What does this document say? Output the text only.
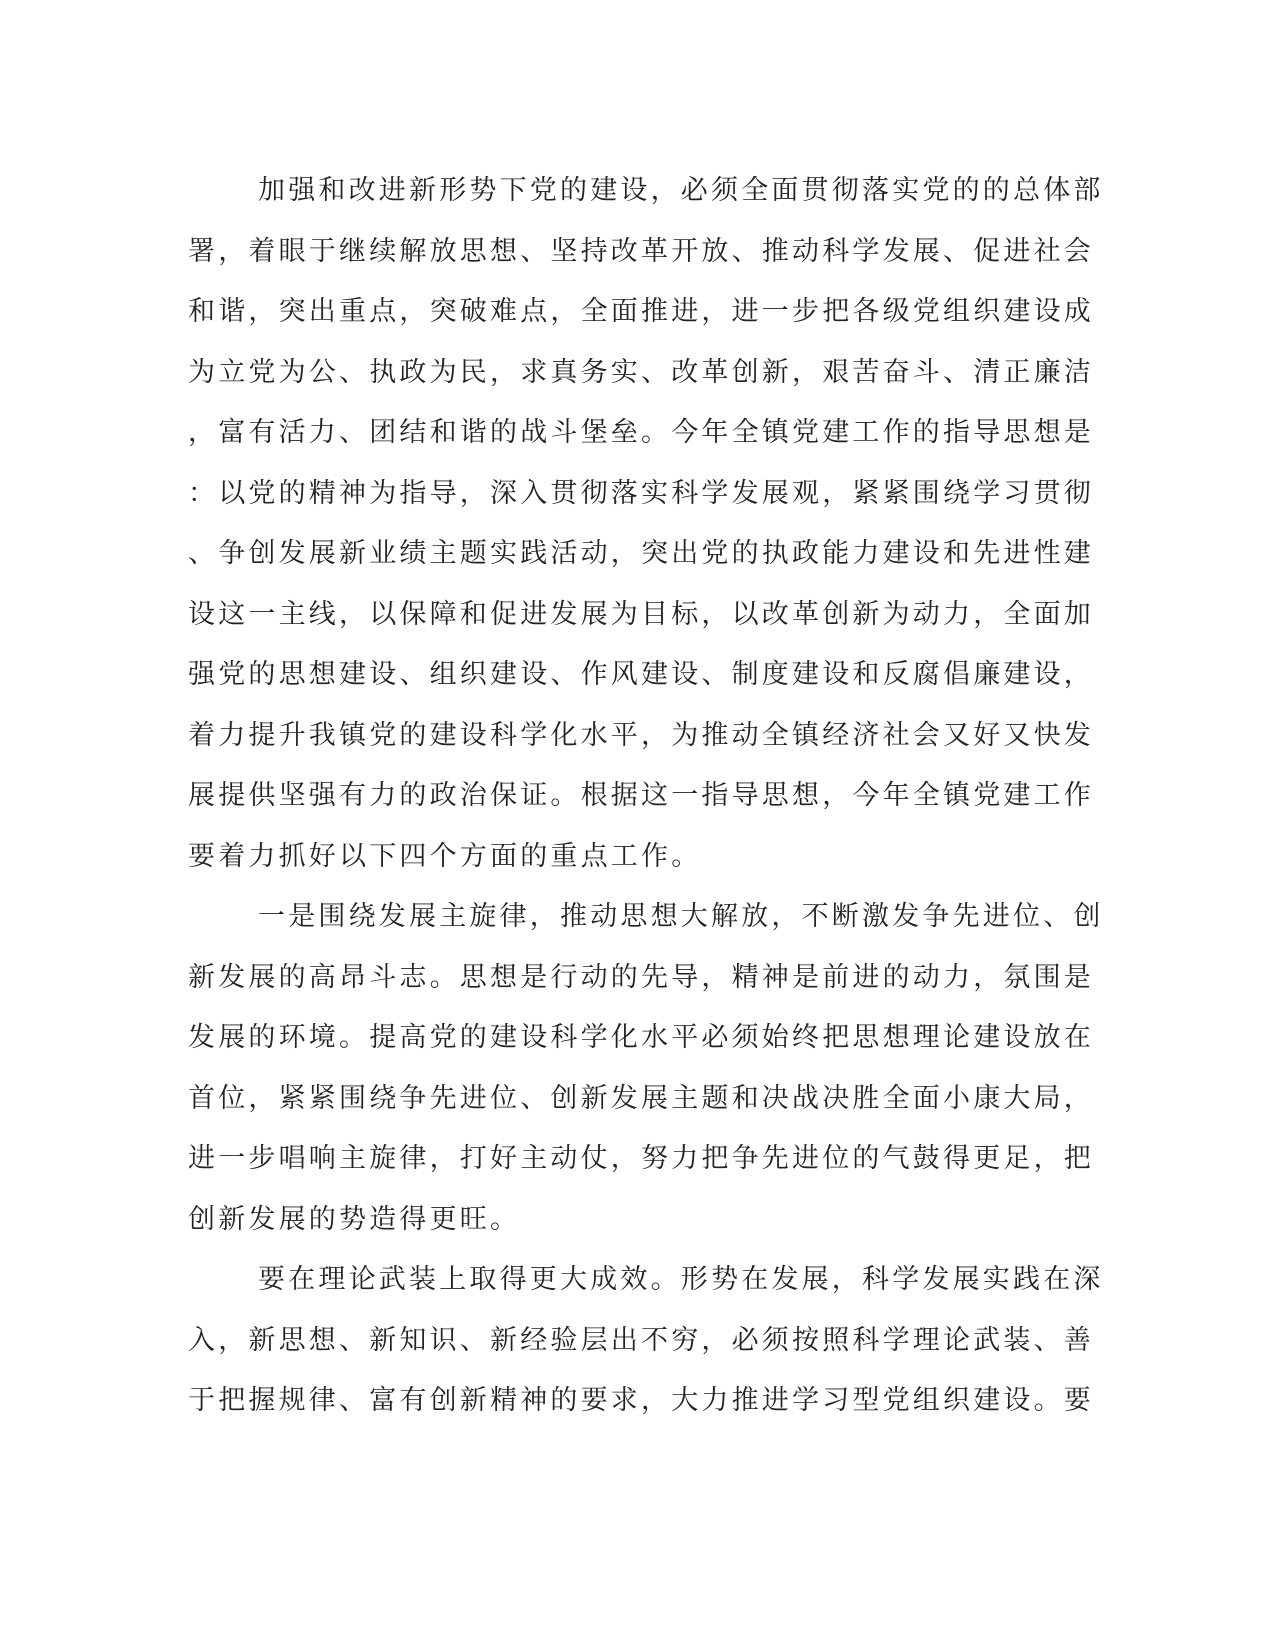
加强和改进新形势下党的建设，必须全面贯彻落实党的的总体部
署，着眼于继续解放思想、坚持改革开放、推动科学发展、促进社会
和谐，突出重点，突破难点，全面推进，进一步把各级党组织建设成
为立党为公、执政为民，求真务实、改革创新，艰苦奋斗、清正廉洁
，富有活力、团结和谐的战斗堡垒。今年全镇党建工作的指导思想是
：以党的精神为指导，深入贯彻落实科学发展观，紧紧围绕学习贯彻
、争创发展新业绩主题实践活动，突出党的执政能力建设和先进性建
设这一主线，以保障和促进发展为目标，以改革创新为动力，全面加
强党的思想建设、组织建设、作风建设、制度建设和反腐倡廉建设，
着力提升我镇党的建设科学化水平，为推动全镇经济社会又好又快发
展提供坚强有力的政治保证。根据这一指导思想，今年全镇党建工作
要着力抓好以下四个方面的重点工作。
一是围绕发展主旋律，推动思想大解放，不断激发争先进位、创
新发展的高昂斗志。思想是行动的先导，精神是前进的动力，氛围是
发展的环境。提高党的建设科学化水平必须始终把思想理论建设放在
首位，紧紧围绕争先进位、创新发展主题和决战决胜全面小康大局，
进一步唱响主旋律，打好主动仗，努力把争先进位的气鼓得更足，把
创新发展的势造得更旺。
要在理论武装上取得更大成效。形势在发展，科学发展实践在深
入，新思想、新知识、新经验层出不穷，必须按照科学理论武装、善
于把握规律、富有创新精神的要求，大力推进学习型党组织建设。要
